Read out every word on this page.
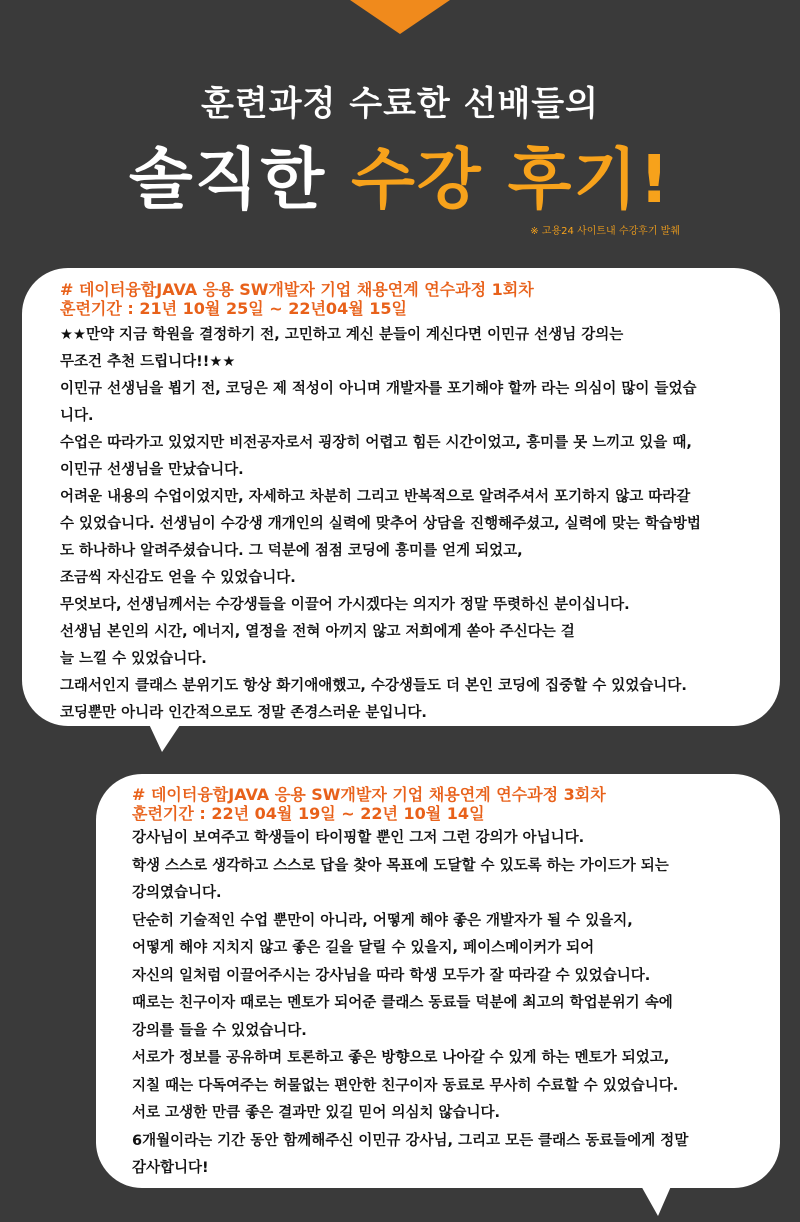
훈련과정 수료한 선배들의
솔직한 수강 후기!
※ 고용24 사이트내 수강후기 발췌
# 데이터융합JAVA 응용 SW개발자 기업 채용연계 연수과정 1회차
훈련기간 : 21년 10월 25일 ~ 22년04월 15일
★★만약 지금 학원을 결정하기 전, 고민하고 계신 분들이 계신다면 이민규 선생님 강의는
무조건 추천 드립니다!!★★
이민규 선생님을 뵙기 전, 코딩은 제 적성이 아니며 개발자를 포기해야 할까 라는 의심이 많이 들었습
니다.
수업은 따라가고 있었지만 비전공자로서 굉장히 어렵고 힘든 시간이었고, 흥미를 못 느끼고 있을 때,
이민규 선생님을 만났습니다.
어려운 내용의 수업이었지만, 자세하고 차분히 그리고 반복적으로 알려주셔서 포기하지 않고 따라갈
수 있었습니다. 선생님이 수강생 개개인의 실력에 맞추어 상담을 진행해주셨고, 실력에 맞는 학습방법
도 하나하나 알려주셨습니다. 그 덕분에 점점 코딩에 흥미를 얻게 되었고,
조금씩 자신감도 얻을 수 있었습니다.
무엇보다, 선생님께서는 수강생들을 이끌어 가시겠다는 의지가 정말 뚜렷하신 분이십니다.
선생님 본인의 시간, 에너지, 열정을 전혀 아끼지 않고 저희에게 쏟아 주신다는 걸
늘 느낄 수 있었습니다.
그래서인지 클래스 분위기도 항상 화기애애했고, 수강생들도 더 본인 코딩에 집중할 수 있었습니다.
코딩뿐만 아니라 인간적으로도 정말 존경스러운 분입니다.
# 데이터융합JAVA 응용 SW개발자 기업 채용연계 연수과정 3회차
훈련기간 : 22년 04월 19일 ~ 22년 10월 14일
강사님이 보여주고 학생들이 타이핑할 뿐인 그저 그런 강의가 아닙니다.
학생 스스로 생각하고 스스로 답을 찾아 목표에 도달할 수 있도록 하는 가이드가 되는
강의였습니다.
단순히 기술적인 수업 뿐만이 아니라, 어떻게 해야 좋은 개발자가 될 수 있을지,
어떻게 해야 지치지 않고 좋은 길을 달릴 수 있을지, 페이스메이커가 되어
자신의 일처럼 이끌어주시는 강사님을 따라 학생 모두가 잘 따라갈 수 있었습니다.
때로는 친구이자 때로는 멘토가 되어준 클래스 동료들 덕분에 최고의 학업분위기 속에
강의를 들을 수 있었습니다.
서로가 정보를 공유하며 토론하고 좋은 방향으로 나아갈 수 있게 하는 멘토가 되었고,
지칠 때는 다독여주는 허물없는 편안한 친구이자 동료로 무사히 수료할 수 있었습니다.
서로 고생한 만큼 좋은 결과만 있길 믿어 의심치 않습니다.
6개월이라는 기간 동안 함께해주신 이민규 강사님, 그리고 모든 클래스 동료들에게 정말
감사합니다!
